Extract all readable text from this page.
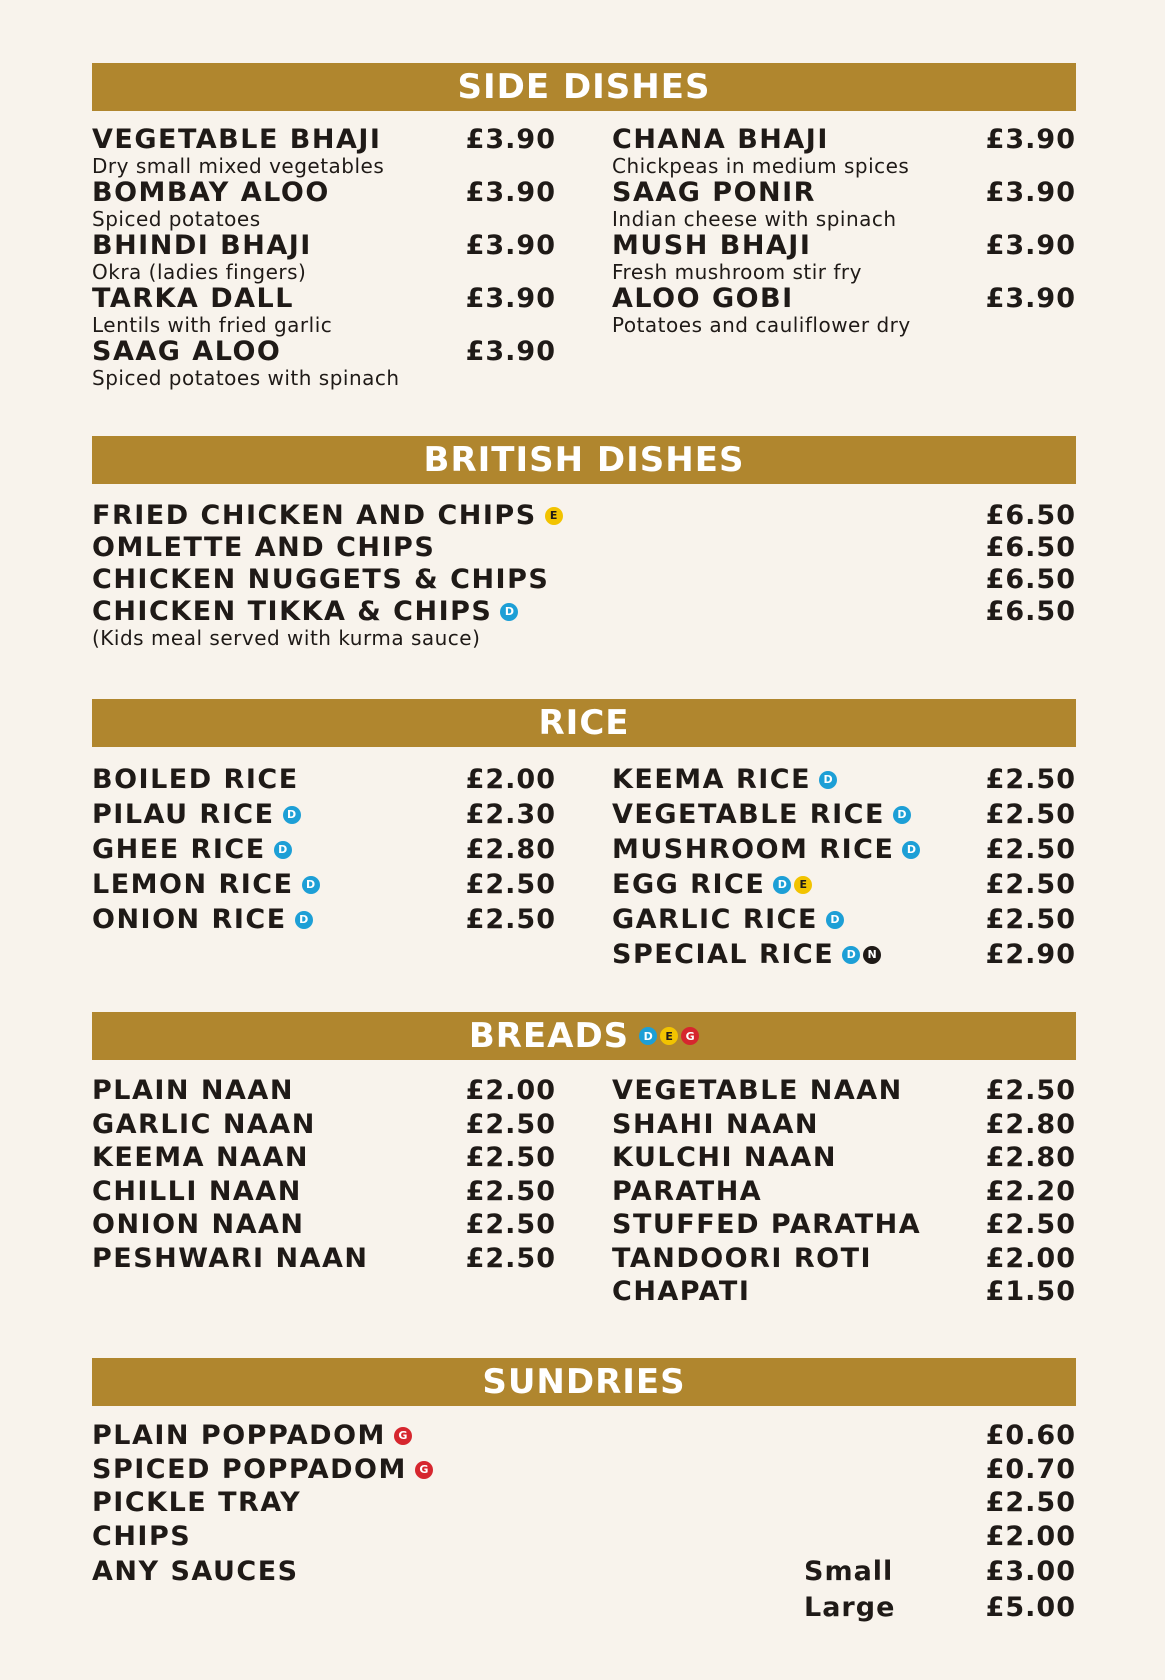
SIDE DISHES
VEGETABLE BHAJI	£3.90
Dry small mixed vegetables
BOMBAY ALOO	£3.90
Spiced potatoes
BHINDI BHAJI	£3.90
Okra (ladies fingers)
TARKA DALL	£3.90
Lentils with fried garlic
SAAG ALOO	£3.90
Spiced potatoes with spinach
CHANA BHAJI	£3.90
Chickpeas in medium spices
SAAG PONIR	£3.90
Indian cheese with spinach
MUSH BHAJI	£3.90
Fresh mushroom stir fry
ALOO GOBI	£3.90
Potatoes and cauliflower dry
BRITISH DISHES
FRIED CHICKEN AND CHIPS	E	£6.50
OMLETTE AND CHIPS	£6.50
CHICKEN NUGGETS & CHIPS	£6.50
CHICKEN TIKKA & CHIPS	D	£6.50
(Kids meal served with kurma sauce)
RICE
BOILED RICE	£2.00
PILAU RICE	D	£2.30
GHEE RICE	D	£2.80
LEMON RICE	D	£2.50
ONION RICE	D	£2.50
KEEMA RICE	D	£2.50
VEGETABLE RICE	D	£2.50
MUSHROOM RICE	D	£2.50
EGG RICE	D	E	£2.50
GARLIC RICE	D	£2.50
SPECIAL RICE	D	N	£2.90
BREADS	D	E	G
PLAIN NAAN	£2.00
GARLIC NAAN	£2.50
KEEMA NAAN	£2.50
CHILLI NAAN	£2.50
ONION NAAN	£2.50
PESHWARI NAAN	£2.50
VEGETABLE NAAN	£2.50
SHAHI NAAN	£2.80
KULCHI NAAN	£2.80
PARATHA	£2.20
STUFFED PARATHA £2.50
TANDOORI ROTI	£2.00
CHAPATI	£1.50
SUNDRIES
PLAIN POPPADOM	G	£0.60
SPICED POPPADOM	G	£0.70
PICKLE TRAY	£2.50
CHIPS	£2.00
ANY SAUCES	Small	£3.00
Large	£5.00
